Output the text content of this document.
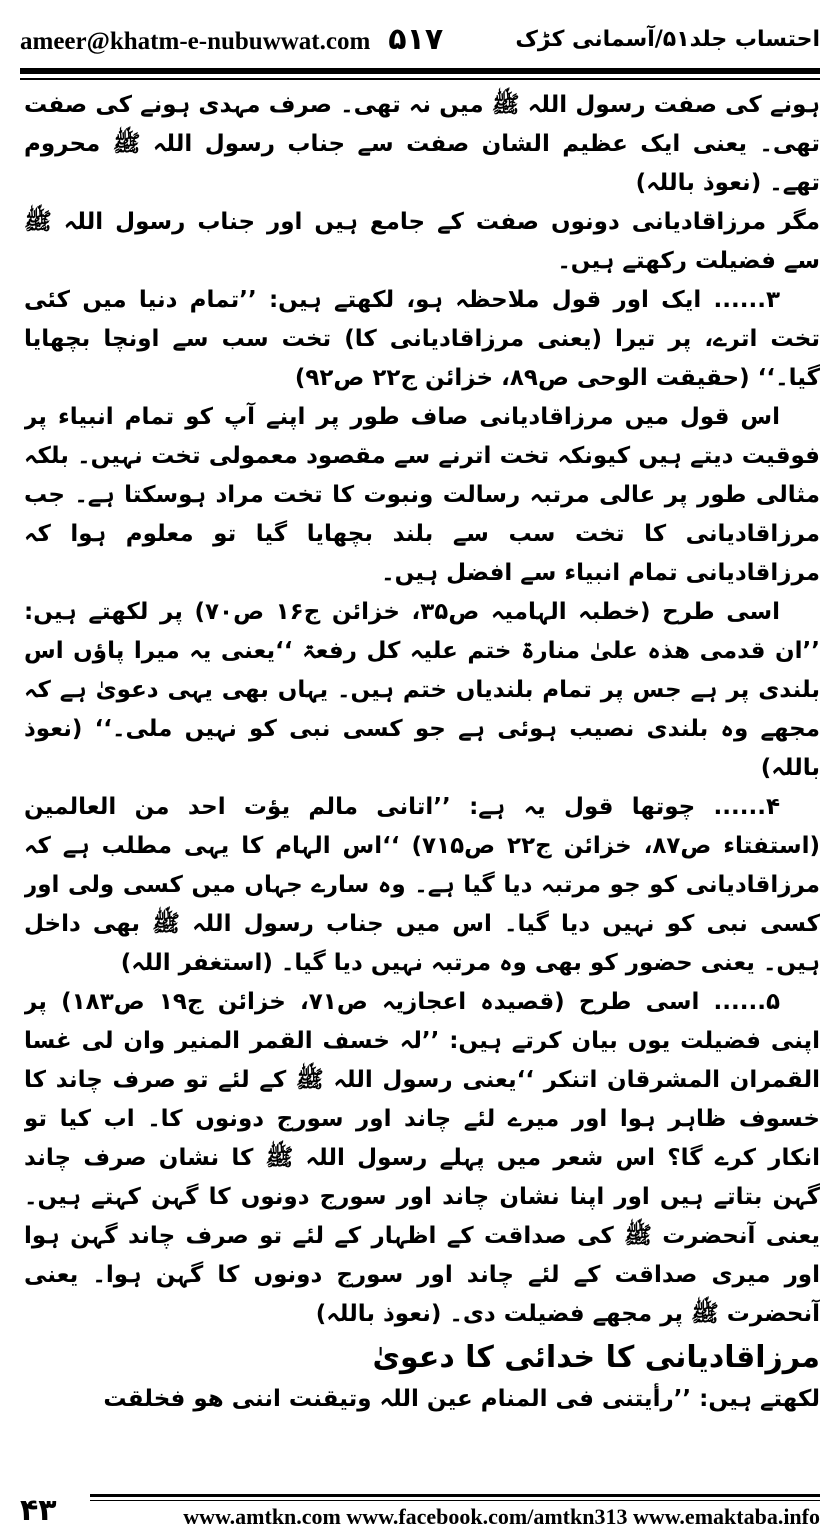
ameer@khatm-e-nubuwwat.com ۵۱۷	احتساب جلد۵۱/آسمانی کڑک

ہونے کی صفت رسول اللہ ﷺ میں نہ تھی۔ صرف مہدی ہونے کی صفت تھی۔ یعنی ایک عظیم الشان صفت سے جناب رسول اللہ ﷺ محروم تھے۔ (نعوذ باللہ)

مگر مرزاقادیانی دونوں صفت کے جامع ہیں اور جناب رسول اللہ ﷺ سے فضیلت رکھتے ہیں۔

۳...... ایک اور قول ملاحظہ ہو، لکھتے ہیں: ’’تمام دنیا میں کئی تخت اترے، پر تیرا (یعنی مرزاقادیانی کا) تخت سب سے اونچا بچھایا گیا۔‘‘ (حقیقت الوحی ص۸۹، خزائن ج۲۲ ص۹۲)

اس قول میں مرزاقادیانی صاف طور پر اپنے آپ کو تمام انبیاء پر فوقیت دیتے ہیں کیونکہ تخت اترنے سے مقصود معمولی تخت نہیں۔ بلکہ مثالی طور پر عالی مرتبہ رسالت ونبوت کا تخت مراد ہوسکتا ہے۔ جب مرزاقادیانی کا تخت سب سے بلند بچھایا گیا تو معلوم ہوا کہ مرزاقادیانی تمام انبیاء سے افضل ہیں۔

اسی طرح (خطبہ الہامیہ ص۳۵، خزائن ج۱۶ ص۷۰) پر لکھتے ہیں: ’’ان قدمی ھذہ علیٰ منارۃ ختم علیہ کل رفعۃ ‘‘یعنی یہ میرا پاؤں اس بلندی پر ہے جس پر تمام بلندیاں ختم ہیں۔ یہاں بھی یہی دعویٰ ہے کہ مجھے وہ بلندی نصیب ہوئی ہے جو کسی نبی کو نہیں ملی۔‘‘ (نعوذ باللہ)

۴...... چوتھا قول یہ ہے: ’’اتانی مالم یؤت احد من العالمین (استفتاء ص۸۷، خزائن ج۲۲ ص۷۱۵) ‘‘اس الہام کا یہی مطلب ہے کہ مرزاقادیانی کو جو مرتبہ دیا گیا ہے۔ وہ سارے جہاں میں کسی ولی اور کسی نبی کو نہیں دیا گیا۔ اس میں جناب رسول اللہ ﷺ بھی داخل ہیں۔ یعنی حضور کو بھی وہ مرتبہ نہیں دیا گیا۔ (استغفر اللہ)

۵...... اسی طرح (قصیدہ اعجازیہ ص۷۱، خزائن ج۱۹ ص۱۸۳) پر اپنی فضیلت یوں بیان کرتے ہیں: ’’لہ خسف القمر المنیر وان لی غسا القمران المشرقان اتنکر ‘‘یعنی رسول اللہ ﷺ کے لئے تو صرف چاند کا خسوف ظاہر ہوا اور میرے لئے چاند اور سورج دونوں کا۔ اب کیا تو انکار کرے گا؟ اس شعر میں پہلے رسول اللہ ﷺ کا نشان صرف چاند گہن بتاتے ہیں اور اپنا نشان چاند اور سورج دونوں کا گہن کہتے ہیں۔ یعنی آنحضرت ﷺ کی صداقت کے اظہار کے لئے تو صرف چاند گہن ہوا اور میری صداقت کے لئے چاند اور سورج دونوں کا گہن ہوا۔ یعنی آنحضرت ﷺ پر مجھے فضیلت دی۔ (نعوذ باللہ)

مرزاقادیانی کا خدائی کا دعویٰ

لکھتے ہیں: ’’رأیتنی فی المنام عین اللہ وتیقنت اننی ھو فخلقت

۴۳	www.amtkn.com www.facebook.com/amtkn313 www.emaktaba.info
